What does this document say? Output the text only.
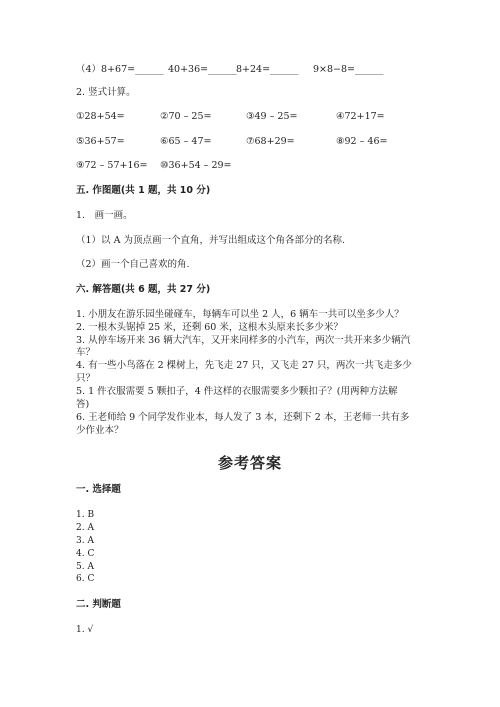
（4）8+67=______ 40+36=______ 8+24=______ 9×8−8=______
2. 竖式计算。
①28+54=	②70 – 25=	③49 – 25=	④72+17=
⑤36+57=	⑥65 – 47=	⑦68+29=	⑧92 – 46=
⑨72 – 57+16= ⑩36+54 – 29=
五. 作图题(共 1 题，共 10 分)
1.　画一画。
（1）以 A 为顶点画一个直角，并写出组成这个角各部分的名称.
（2）画一个自己喜欢的角.
六. 解答题(共 6 题，共 27 分)
1. 小朋友在游乐园坐碰碰车，每辆车可以坐 2 人，6 辆车一共可以坐多少人？
2. 一根木头锯掉 25 米，还剩 60 米，这根木头原来长多少米？
3. 从停车场开来 36 辆大汽车，又开来同样多的小汽车，两次一共开来多少辆汽
车？
4. 有一些小鸟落在 2 棵树上，先飞走 27 只，又飞走 27 只，两次一共飞走多少
只？
5. 1 件衣服需要 5 颗扣子，4 件这样的衣服需要多少颗扣子？(用两种方法解
答)
6. 王老师给 9 个同学发作业本，每人发了 3 本，还剩下 2 本，王老师一共有多
少作业本？
参考答案
一. 选择题
1. B
2. A
3. A
4. C
5. A
6. C
二. 判断题
1. √
